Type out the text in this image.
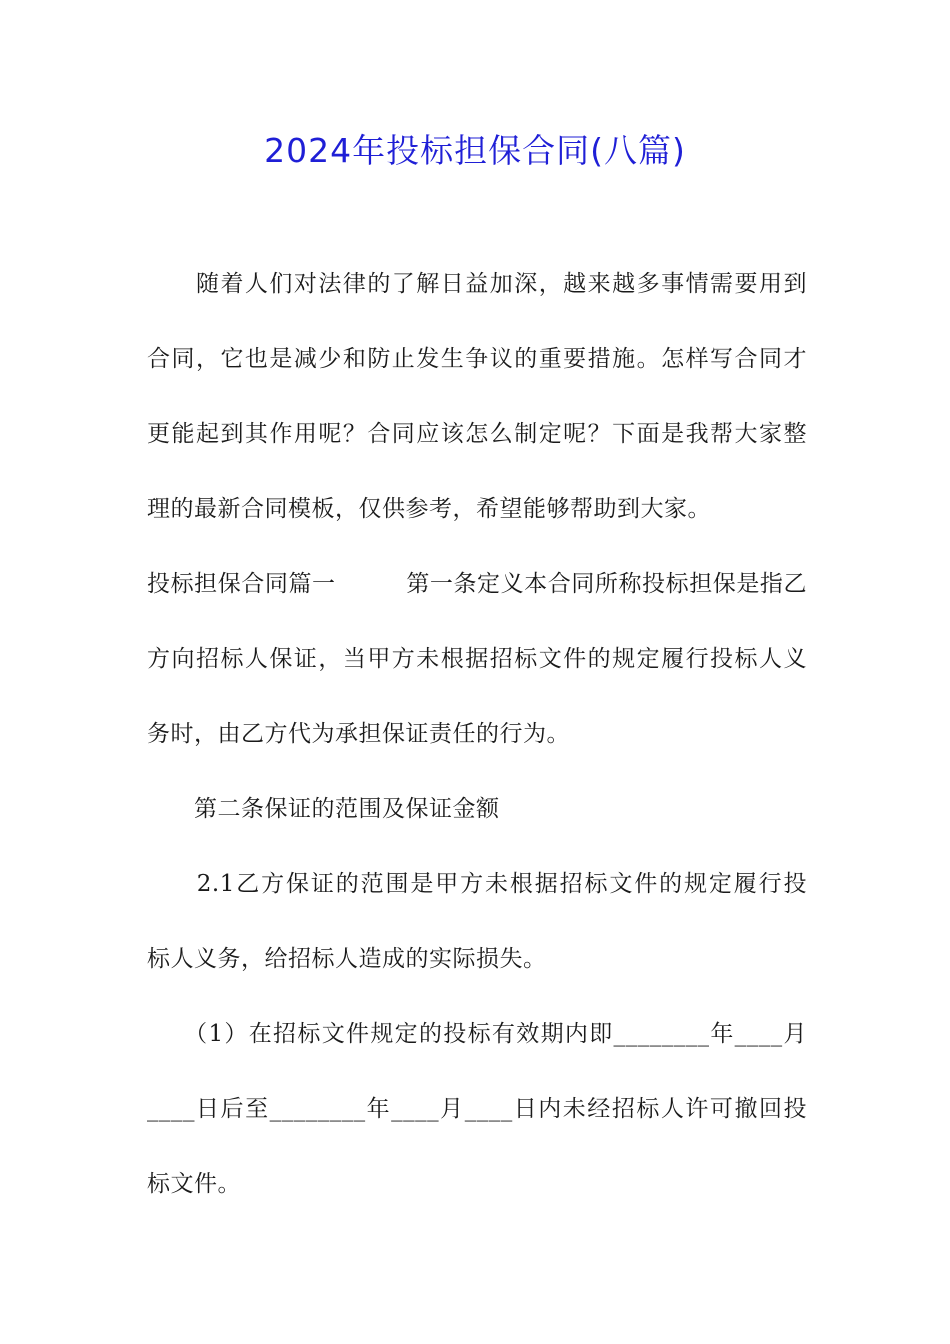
2024年投标担保合同(八篇)
　　随着人们对法律的了解日益加深，越来越多事情需要用到
合同，它也是减少和防止发生争议的重要措施。怎样写合同才
更能起到其作用呢？合同应该怎么制定呢？下面是我帮大家整
理的最新合同模板，仅供参考，希望能够帮助到大家。
投标担保合同篇一　　　第一条定义本合同所称投标担保是指乙
方向招标人保证，当甲方未根据招标文件的规定履行投标人义
务时，由乙方代为承担保证责任的行为。
　　第二条保证的范围及保证金额
　　2.1乙方保证的范围是甲方未根据招标文件的规定履行投
标人义务，给招标人造成的实际损失。
　　（1）在招标文件规定的投标有效期内即________年____月
____日后至________年____月____日内未经招标人许可撤回投
标文件。
